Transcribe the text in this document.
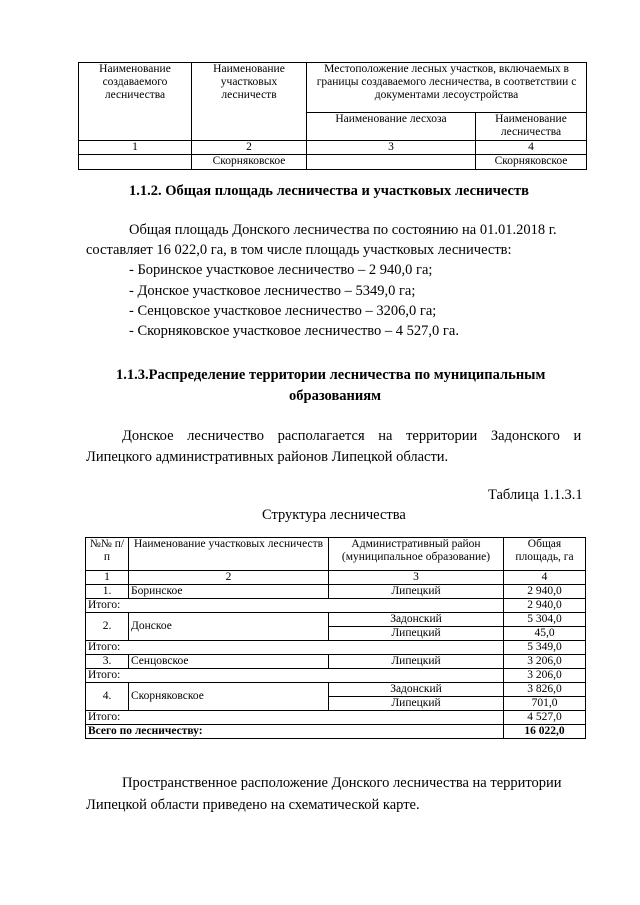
Наименование создаваемого лесничества	Наименование участковых лесничеств	Местоположение лесных участков, включаемых в границы создаваемого лесничества, в соответствии с документами лесоустройства	
		Наименование лесхоза	Наименование лесничества
1	2	3	4
	Скорняковское		Скорняковское

1.1.2. Общая площадь лесничества и участковых лесничеств

Общая площадь Донского лесничества по состоянию на 01.01.2018 г.
составляет 16 022,0 га, в том числе площадь участковых лесничеств:
- Боринское участковое лесничество – 2 940,0 га;
- Донское участковое лесничество – 5349,0 га;
- Сенцовское участковое лесничество – 3206,0 га;
- Скорняковское участковое лесничество – 4 527,0 га.
1.1.3.Распределение территории лесничества по муниципальным
образованиям
Донское лесничество располагается на территории Задонского и
Липецкого административных районов Липецкой области.
Таблица 1.1.3.1
Структура лесничества
№№ п/п	Наименование участковых лесничеств	Административный район (муниципальное образование)	Общая площадь, га
1	2	3	4
1.	Боринское	Липецкий	2 940,0
Итого:			2 940,0
2.	Донское	Задонский	5 304,0
		Липецкий	45,0
Итого:			5 349,0
3.	Сенцовское	Липецкий	3 206,0
Итого:			3 206,0
4.	Скорняковское	Задонский	3 826,0
		Липецкий	701,0
Итого:			4 527,0
Всего по лесничеству:			16 022,0
Пространственное расположение Донского лесничества на территории
Липецкой области приведено на схематической карте.
